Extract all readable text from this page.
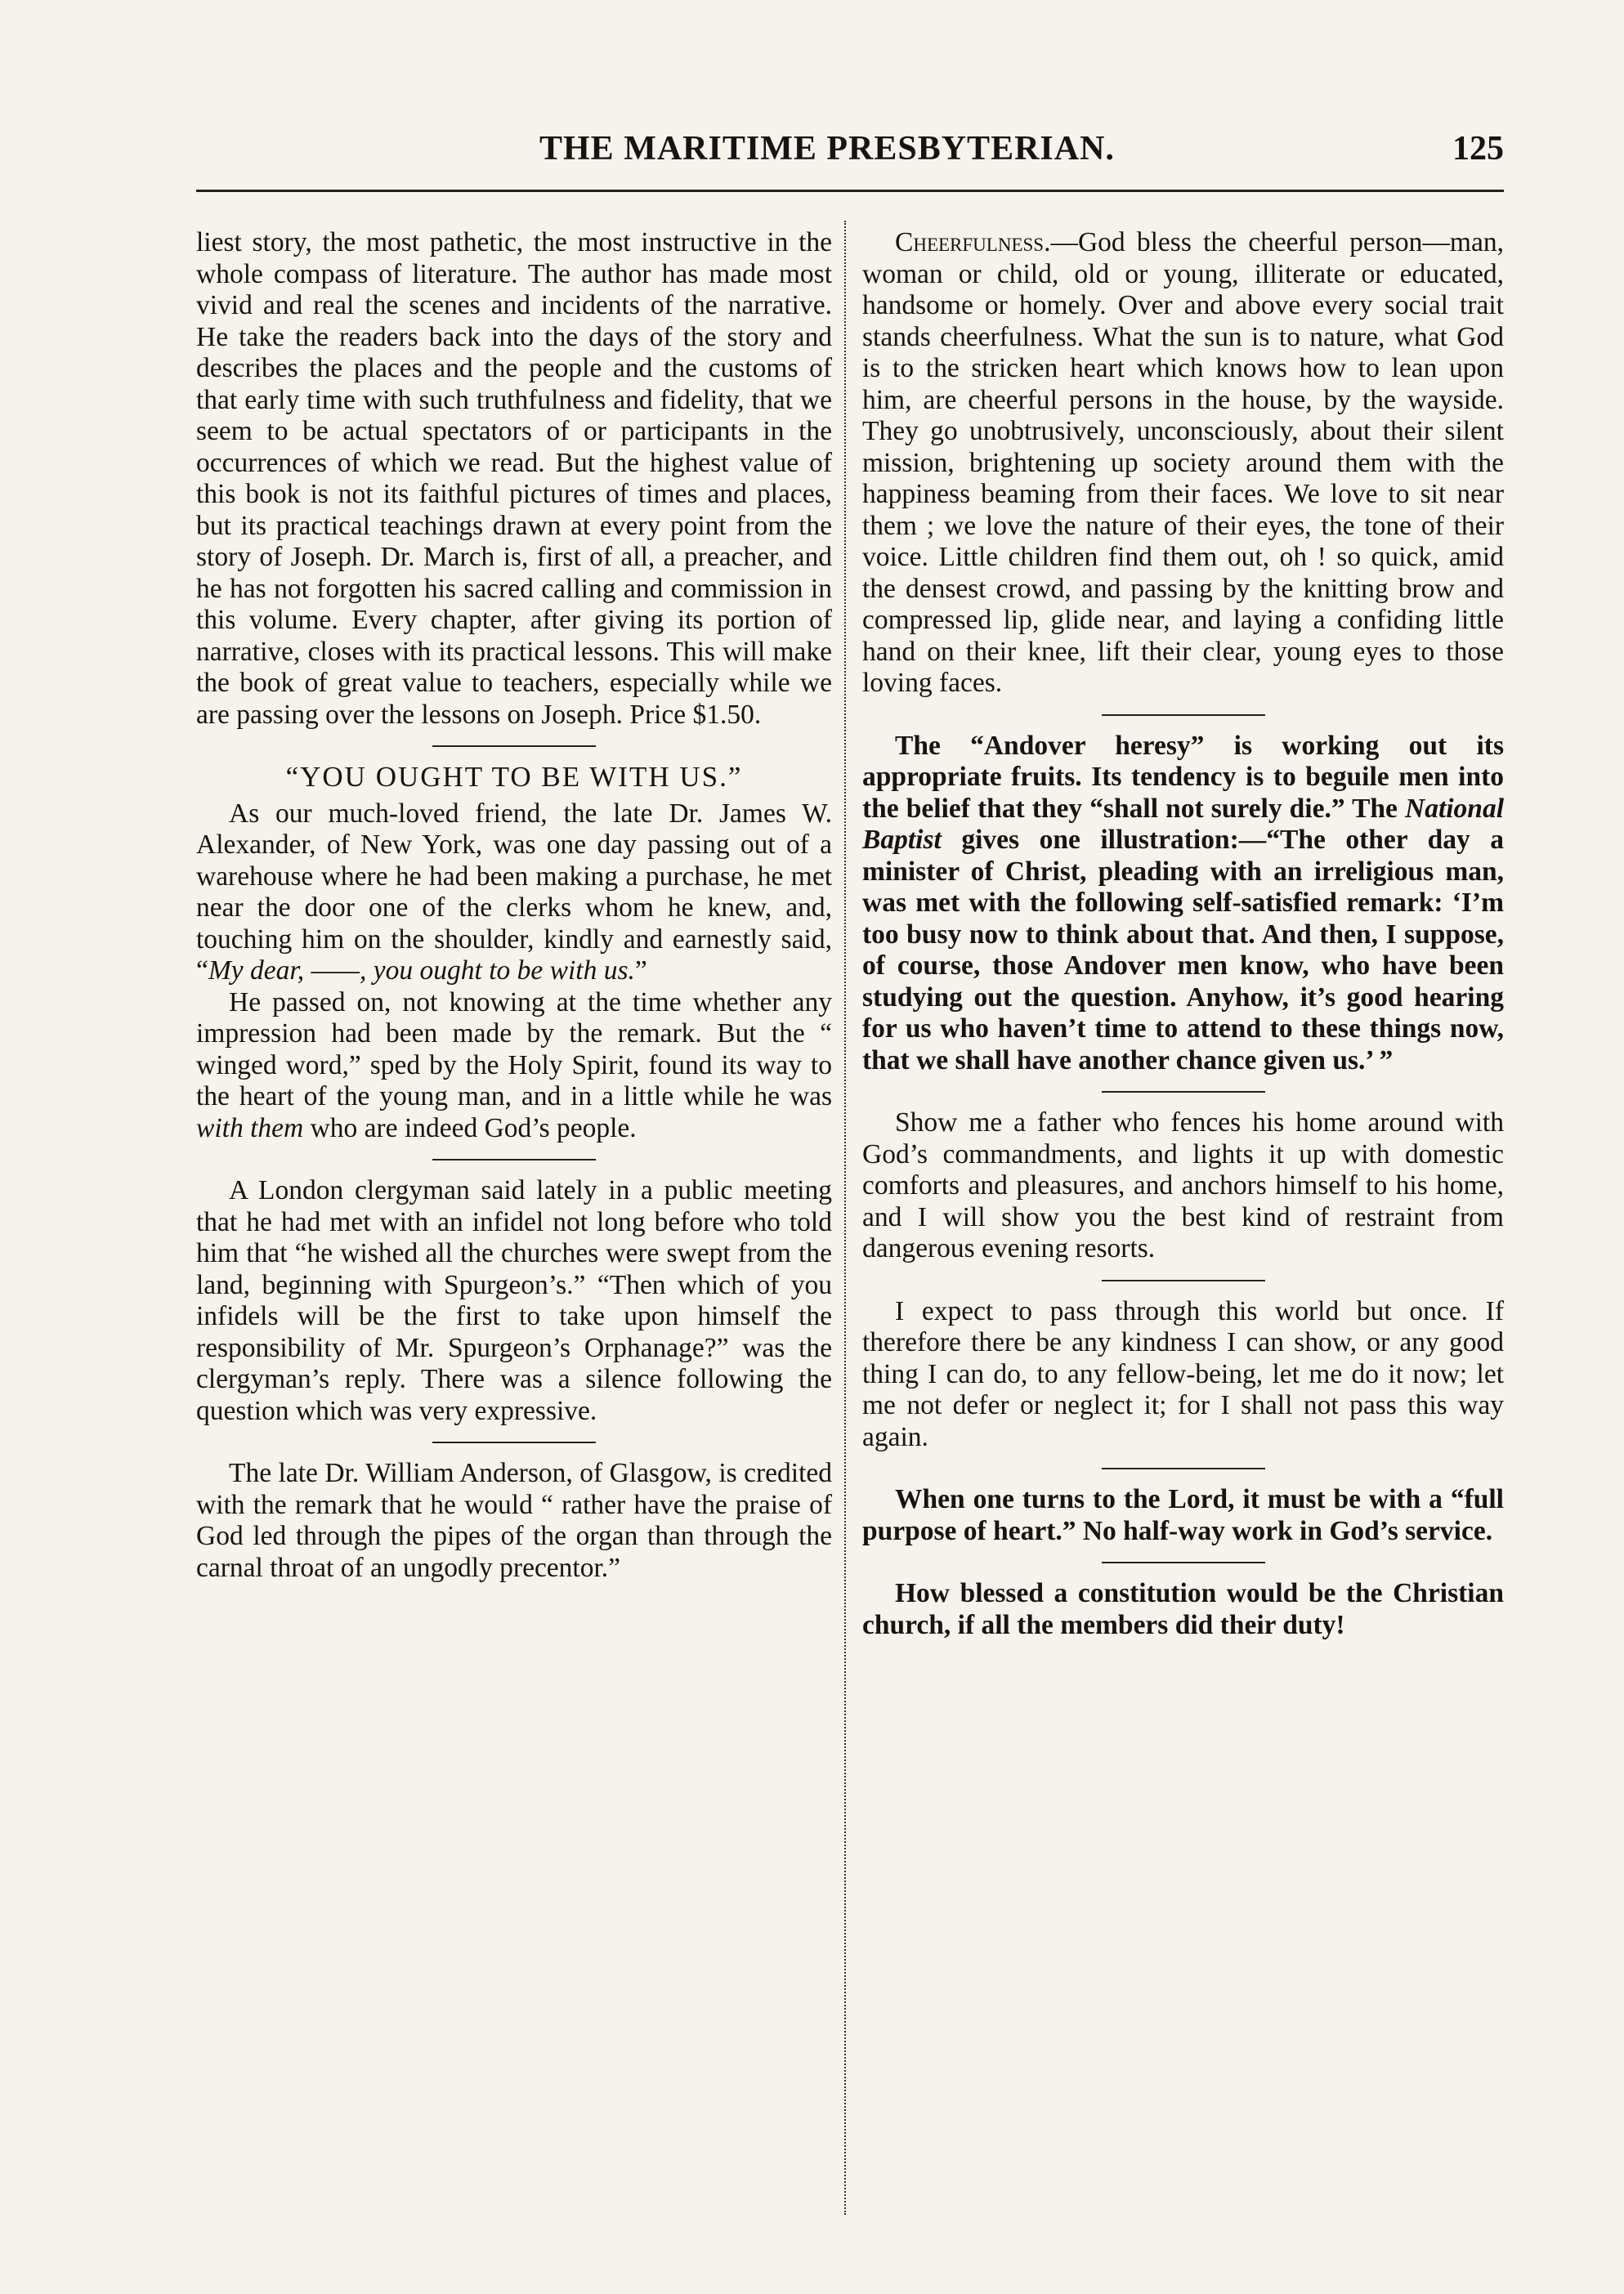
THE MARITIME PRESBYTERIAN.	125

liest story, the most pathetic, the most instructive in the whole compass of literature. The author has made most vivid and real the scenes and incidents of the narrative. He take the readers back into the days of the story and describes the places and the people and the customs of that early time with such truthfulness and fidelity, that we seem to be actual spectators of or participants in the occurrences of which we read. But the highest value of this book is not its faithful pictures of times and places, but its practical teachings drawn at every point from the story of Joseph. Dr. March is, first of all, a preacher, and he has not forgotten his sacred calling and commission in this volume. Every chapter, after giving its portion of narrative, closes with its practical lessons. This will make the book of great value to teachers, especially while we are passing over the lessons on Joseph. Price $1.50.

“YOU OUGHT TO BE WITH US.”

As our much-loved friend, the late Dr. James W. Alexander, of New York, was one day passing out of a warehouse where he had been making a purchase, he met near the door one of the clerks whom he knew, and, touching him on the shoulder, kindly and earnestly said, “My dear, ——, you ought to be with us.”

He passed on, not knowing at the time whether any impression had been made by the remark. But the “ winged word,” sped by the Holy Spirit, found its way to the heart of the young man, and in a little while he was with them who are indeed God’s people.

A London clergyman said lately in a public meeting that he had met with an infidel not long before who told him that “he wished all the churches were swept from the land, beginning with Spurgeon’s.” “Then which of you infidels will be the first to take upon himself the responsibility of Mr. Spurgeon’s Orphanage?” was the clergyman’s reply. There was a silence following the question which was very expressive.

The late Dr. William Anderson, of Glasgow, is credited with the remark that he would “ rather have the praise of God led through the pipes of the organ than through the carnal throat of an ungodly precentor.”

Cheerfulness.—God bless the cheerful person—man, woman or child, old or young, illiterate or educated, handsome or homely. Over and above every social trait stands cheerfulness. What the sun is to nature, what God is to the stricken heart which knows how to lean upon him, are cheerful persons in the house, by the wayside. They go unobtrusively, unconsciously, about their silent mission, brightening up society around them with the happiness beaming from their faces. We love to sit near them ; we love the nature of their eyes, the tone of their voice. Little children find them out, oh ! so quick, amid the densest crowd, and passing by the knitting brow and compressed lip, glide near, and laying a confiding little hand on their knee, lift their clear, young eyes to those loving faces.

The “Andover heresy” is working out its appropriate fruits. Its tendency is to beguile men into the belief that they “shall not surely die.” The National Baptist gives one illustration:—“The other day a minister of Christ, pleading with an irreligious man, was met with the following self-satisfied remark: ‘I’m too busy now to think about that. And then, I suppose, of course, those Andover men know, who have been studying out the question. Anyhow, it’s good hearing for us who haven’t time to attend to these things now, that we shall have another chance given us.’ ”

Show me a father who fences his home around with God’s commandments, and lights it up with domestic comforts and pleasures, and anchors himself to his home, and I will show you the best kind of restraint from dangerous evening resorts.

I expect to pass through this world but once. If therefore there be any kindness I can show, or any good thing I can do, to any fellow-being, let me do it now; let me not defer or neglect it; for I shall not pass this way again.

When one turns to the Lord, it must be with a “full purpose of heart.” No half-way work in God’s service.

How blessed a constitution would be the Christian church, if all the members did their duty!
